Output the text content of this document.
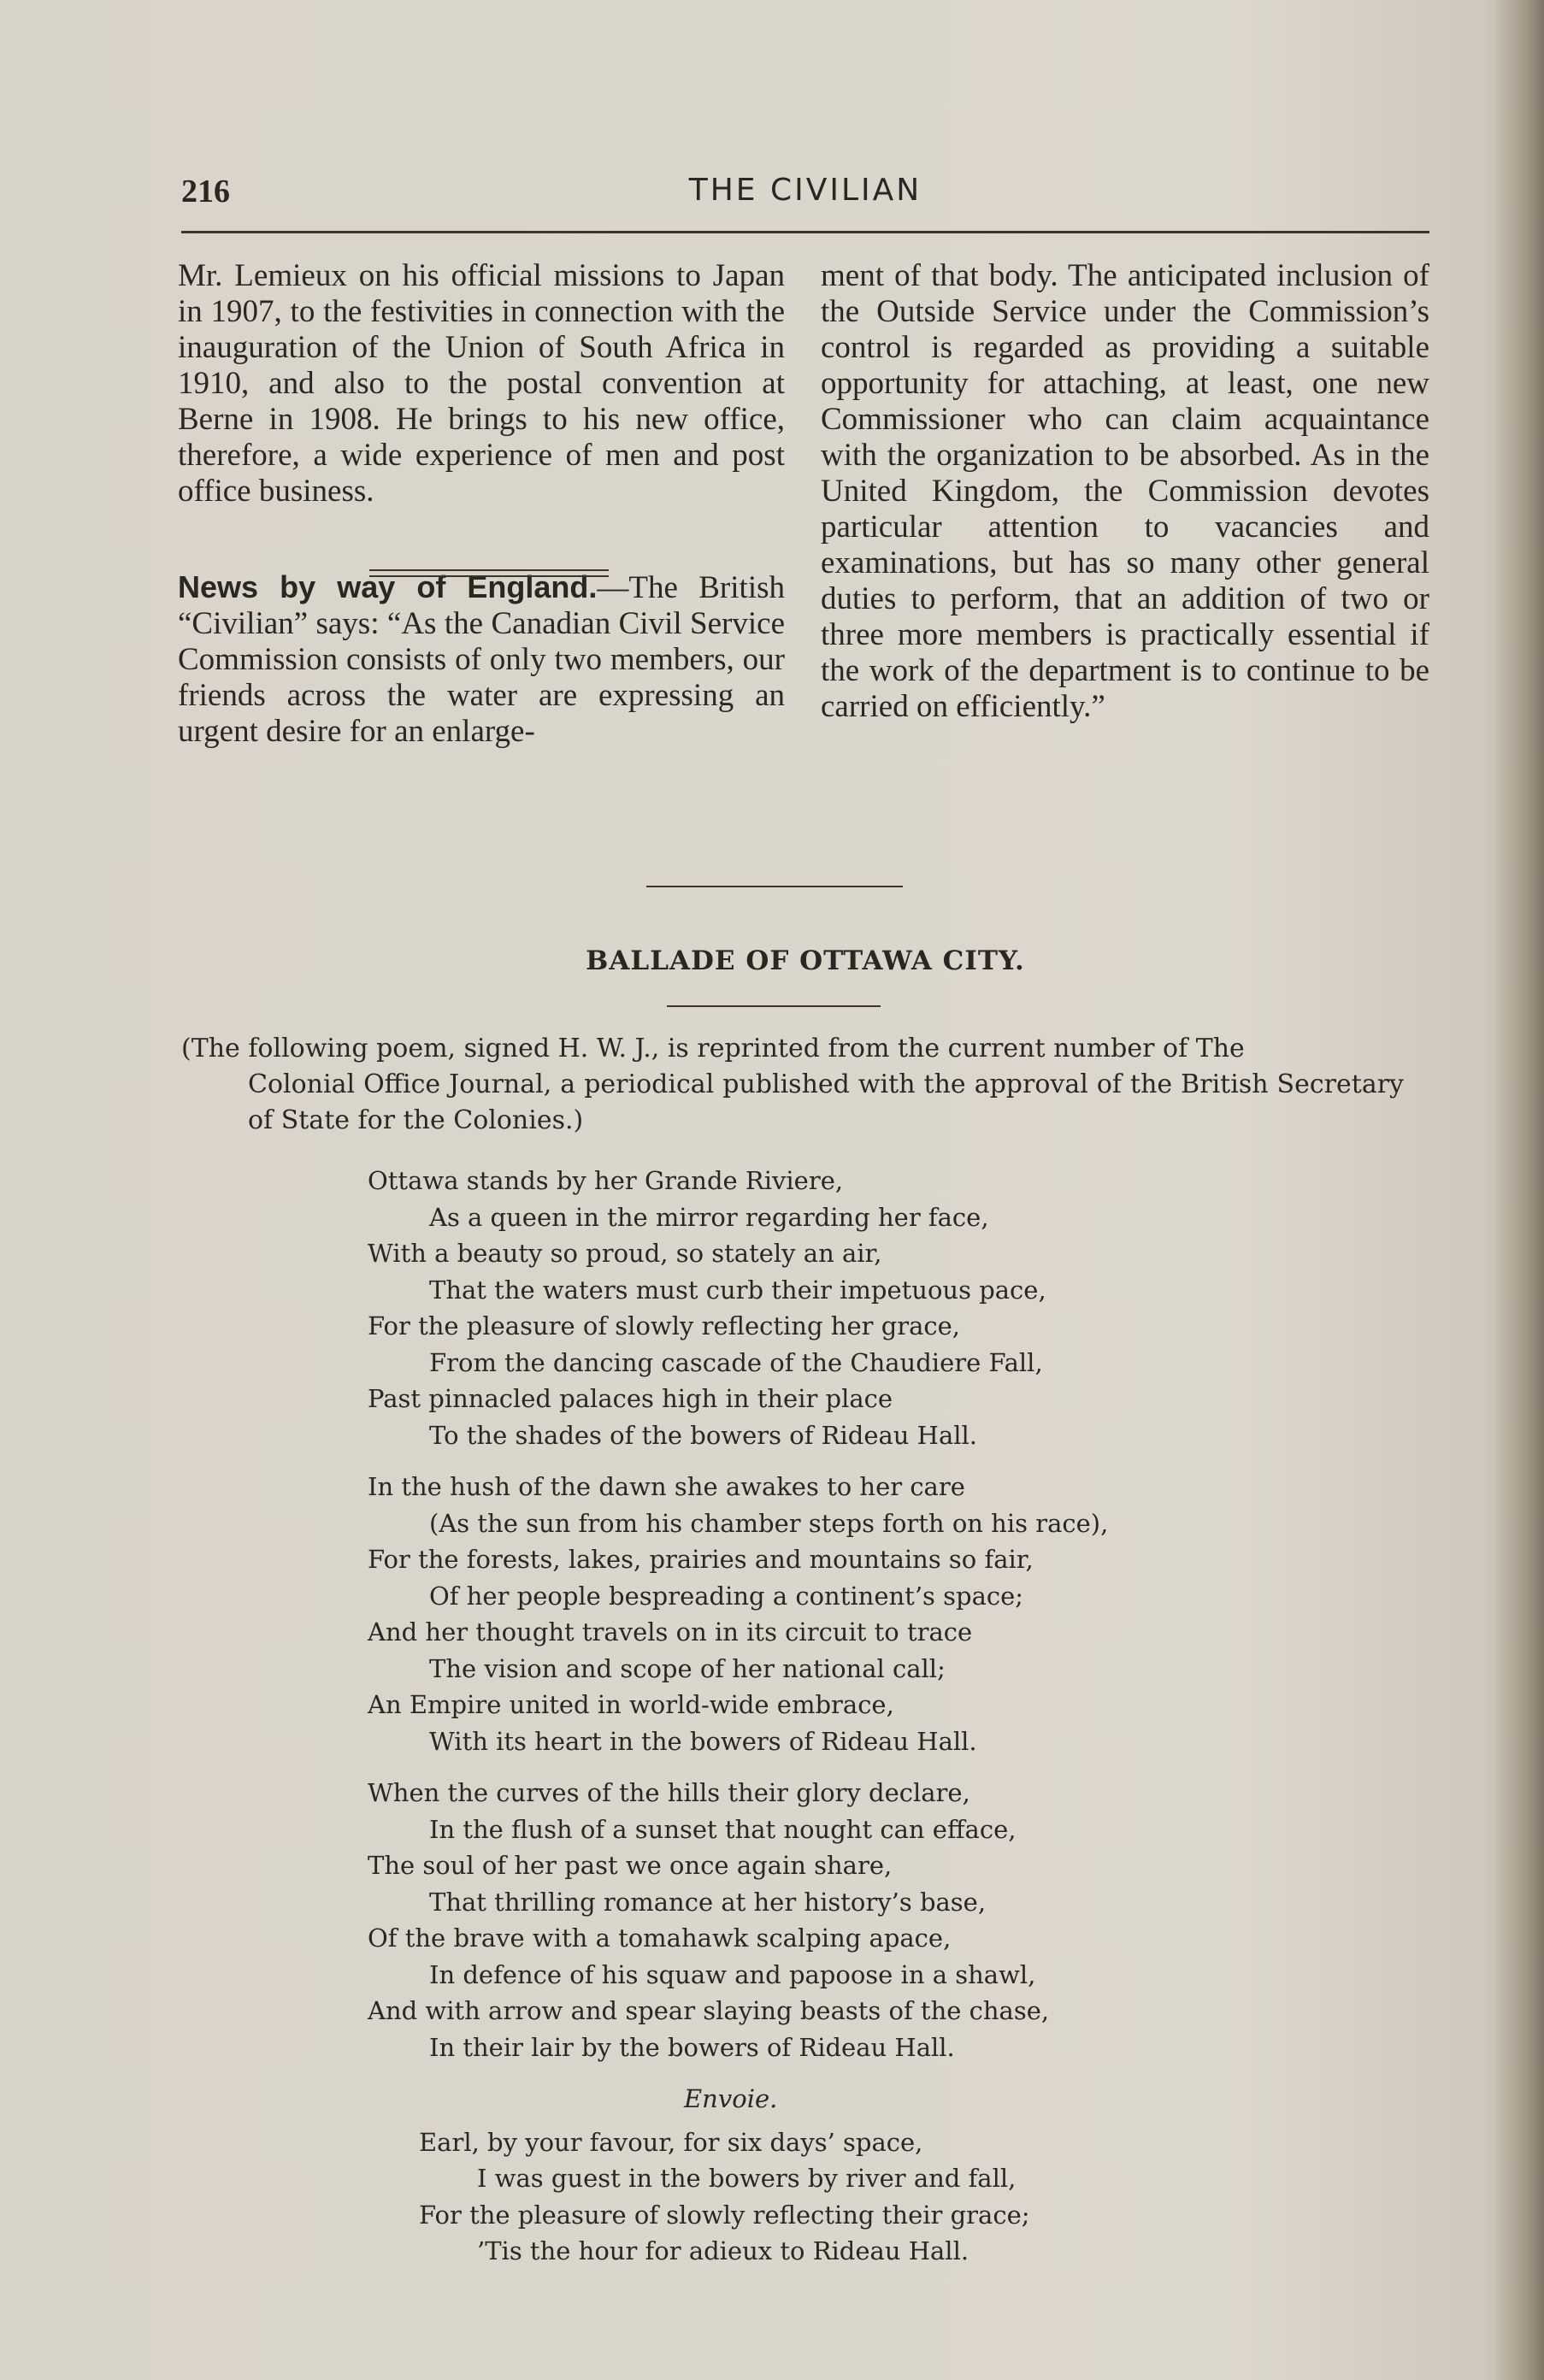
216	THE CIVILIAN

Mr. Lemieux on his official missions to Japan in 1907, to the festivities in connection with the inauguration of the Union of South Africa in 1910, and also to the postal convention at Berne in 1908. He brings to his new office, therefore, a wide experience of men and post office business.

News by way of England.—The British “Civilian” says: “As the Canadian Civil Service Commission consists of only two members, our friends across the water are expressing an urgent desire for an enlarge-

ment of that body. The anticipated inclusion of the Outside Service under the Commission’s control is regarded as providing a suitable opportunity for attaching, at least, one new Commissioner who can claim acquaintance with the organization to be absorbed. As in the United Kingdom, the Commission devotes particular attention to vacancies and examinations, but has so many other general duties to perform, that an addition of two or three more members is practically essential if the work of the department is to continue to be carried on efficiently.”

BALLADE OF OTTAWA CITY.
(The following poem, signed H. W. J., is reprinted from the current number of The
Colonial Office Journal, a periodical published with the approval of the British Secretary of State for the Colonies.)
Ottawa stands by her Grande Riviere,
As a queen in the mirror regarding her face,
With a beauty so proud, so stately an air,
That the waters must curb their impetuous pace,
For the pleasure of slowly reflecting her grace,
From the dancing cascade of the Chaudiere Fall,
Past pinnacled palaces high in their place
To the shades of the bowers of Rideau Hall.
In the hush of the dawn she awakes to her care
(As the sun from his chamber steps forth on his race),
For the forests, lakes, prairies and mountains so fair,
Of her people bespreading a continent’s space;
And her thought travels on in its circuit to trace
The vision and scope of her national call;
An Empire united in world-wide embrace,
With its heart in the bowers of Rideau Hall.
When the curves of the hills their glory declare,
In the flush of a sunset that nought can efface,
The soul of her past we once again share,
That thrilling romance at her history’s base,
Of the brave with a tomahawk scalping apace,
In defence of his squaw and papoose in a shawl,
And with arrow and spear slaying beasts of the chase,
In their lair by the bowers of Rideau Hall.
Envoie.
Earl, by your favour, for six days’ space,
I was guest in the bowers by river and fall,
For the pleasure of slowly reflecting their grace;
’Tis the hour for adieux to Rideau Hall.
